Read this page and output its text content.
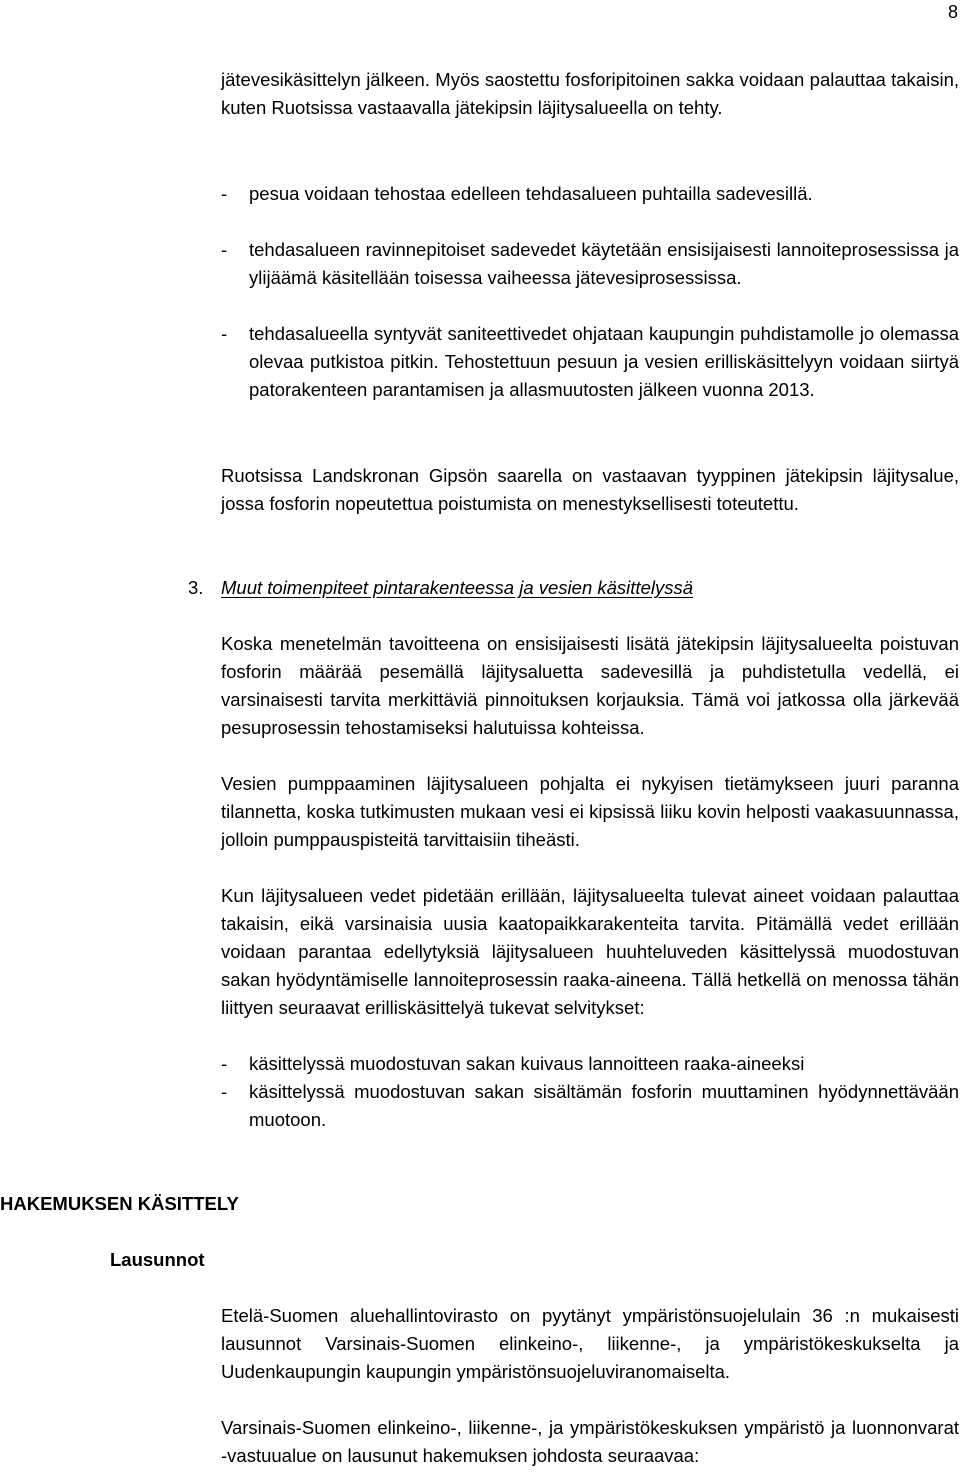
8
jätevesikäsittelyn jälkeen. Myös saostettu fosforipitoinen sakka voidaan palauttaa takaisin, kuten Ruotsissa vastaavalla jätekipsin läjitysalueella on tehty.
- pesua voidaan tehostaa edelleen tehdasalueen puhtailla sadevesillä.
- tehdasalueen ravinnepitoiset sadevedet käytetään ensisijaisesti lannoiteprosessissa ja ylijäämä käsitellään toisessa vaiheessa jätevesiprosessissa.
- tehdasalueella syntyvät saniteettivedet ohjataan kaupungin puhdistamolle jo olemassa olevaa putkistoa pitkin. Tehostettuun pesuun ja vesien erilliskäsittelyyn voidaan siirtyä patorakenteen parantamisen ja allasmuutosten jälkeen vuonna 2013.
Ruotsissa Landskronan Gipsön saarella on vastaavan tyyppinen jätekipsin läjitysalue, jossa fosforin nopeutettua poistumista on menestyksellisesti toteutettu.
3. Muut toimenpiteet pintarakenteessa ja vesien käsittelyssä
Koska menetelmän tavoitteena on ensisijaisesti lisätä jätekipsin läjitysalueelta poistuvan fosforin määrää pesemällä läjitysaluetta sadevesillä ja puhdistetulla vedellä, ei varsinaisesti tarvita merkittäviä pinnoituksen korjauksia. Tämä voi jatkossa olla järkevää pesuprosessin tehostamiseksi halutuissa kohteissa.
Vesien pumppaaminen läjitysalueen pohjalta ei nykyisen tietämykseen juuri paranna tilannetta, koska tutkimusten mukaan vesi ei kipsissä liiku kovin helposti vaakasuunnassa, jolloin pumppauspisteitä tarvittaisiin tiheästi.
Kun läjitysalueen vedet pidetään erillään, läjitysalueelta tulevat aineet voidaan palauttaa takaisin, eikä varsinaisia uusia kaatopaikkarakenteita tarvita. Pitämällä vedet erillään voidaan parantaa edellytyksiä läjitysalueen huuhteluveden käsittelyssä muodostuvan sakan hyödyntämiselle lannoiteprosessin raaka-aineena. Tällä hetkellä on menossa tähän liittyen seuraavat erilliskäsittelyä tukevat selvitykset:
- käsittelyssä muodostuvan sakan kuivaus lannoitteen raaka-aineeksi
- käsittelyssä muodostuvan sakan sisältämän fosforin muuttaminen hyödynnettävään muotoon.
HAKEMUKSEN KÄSITTELY
Lausunnot
Etelä-Suomen aluehallintovirasto on pyytänyt ympäristönsuojelulain 36 :n mukaisesti lausunnot Varsinais-Suomen elinkeino-, liikenne-, ja ympäristökeskukselta ja Uudenkaupungin kaupungin ympäristönsuojeluviranomaiselta.
Varsinais-Suomen elinkeino-, liikenne-, ja ympäristökeskuksen ympäristö ja luonnonvarat -vastuualue on lausunut hakemuksen johdosta seuraavaa:
